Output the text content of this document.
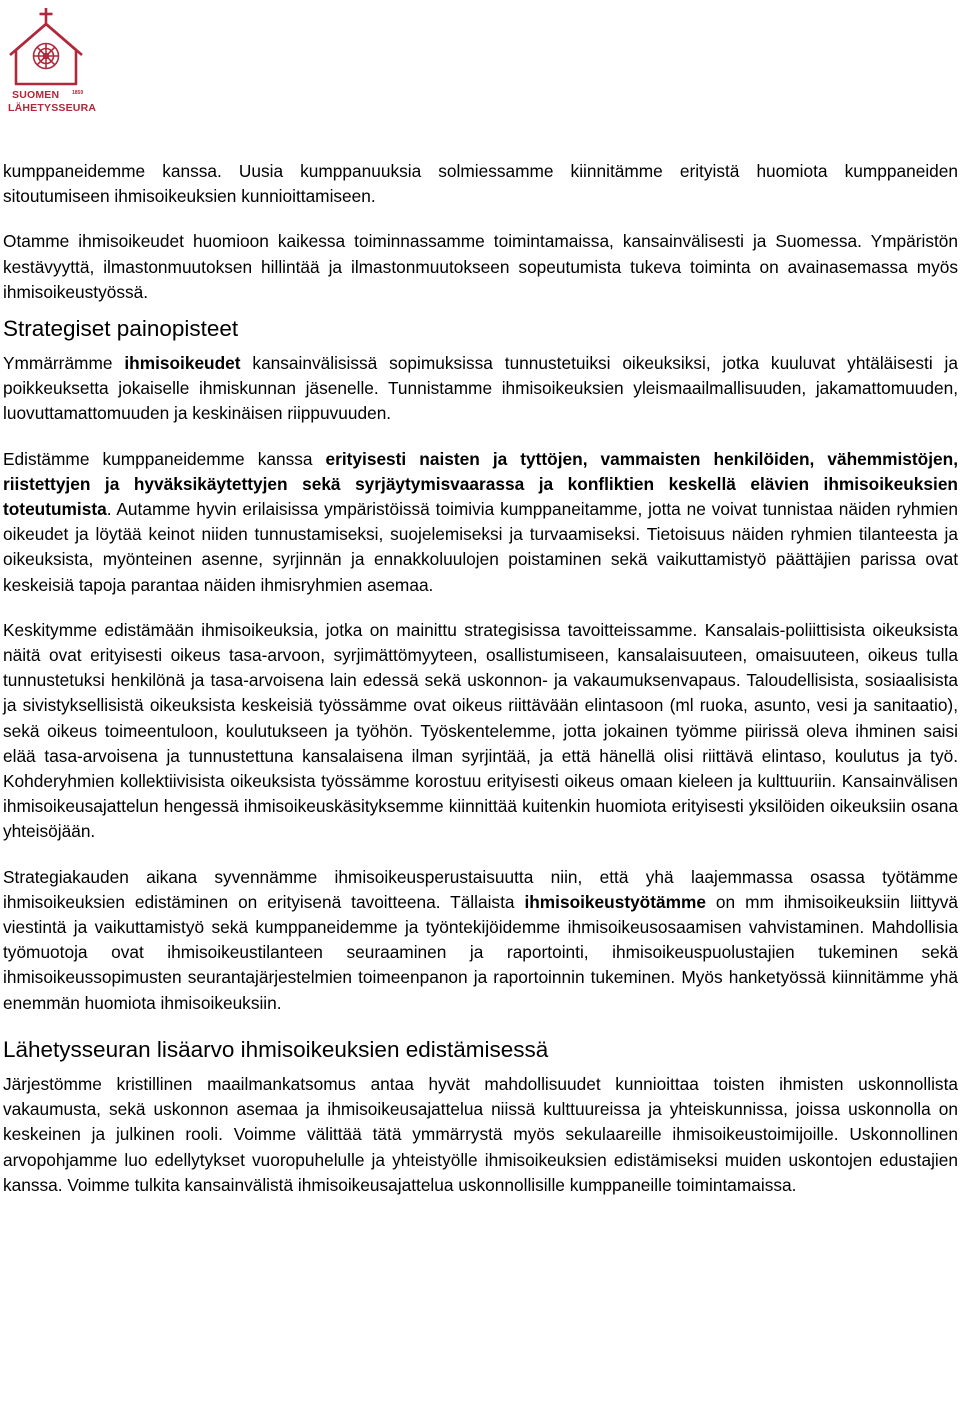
SUOMEN	1859
LÄHETYSSEURA

kumppaneidemme kanssa. Uusia kumppanuuksia solmiessamme kiinnitämme erityistä huomiota kumppaneiden sitoutumiseen ihmisoikeuksien kunnioittamiseen.

Otamme ihmisoikeudet huomioon kaikessa toiminnassamme toimintamaissa, kansainvälisesti ja Suomessa. Ympäristön kestävyyttä, ilmastonmuutoksen hillintää ja ilmastonmuutokseen sopeutumista tukeva toiminta on avainasemassa myös ihmisoikeustyössä.

Strategiset painopisteet

Ymmärrämme ihmisoikeudet kansainvälisissä sopimuksissa tunnustetuiksi oikeuksiksi, jotka kuuluvat yhtäläisesti ja poikkeuksetta jokaiselle ihmiskunnan jäsenelle. Tunnistamme ihmisoikeuksien yleismaailmallisuuden, jakamattomuuden, luovuttamattomuuden ja keskinäisen riippuvuuden.

Edistämme kumppaneidemme kanssa erityisesti naisten ja tyttöjen, vammaisten henkilöiden, vähemmistöjen, riistettyjen ja hyväksikäytettyjen sekä syrjäytymisvaarassa ja konfliktien keskellä elävien ihmisoikeuksien toteutumista. Autamme hyvin erilaisissa ympäristöissä toimivia kumppaneitamme, jotta ne voivat tunnistaa näiden ryhmien oikeudet ja löytää keinot niiden tunnustamiseksi, suojelemiseksi ja turvaamiseksi. Tietoisuus näiden ryhmien tilanteesta ja oikeuksista, myönteinen asenne, syrjinnän ja ennakkoluulojen poistaminen sekä vaikuttamistyö päättäjien parissa ovat keskeisiä tapoja parantaa näiden ihmisryhmien asemaa.

Keskitymme edistämään ihmisoikeuksia, jotka on mainittu strategisissa tavoitteissamme. Kansalais-poliittisista oikeuksista näitä ovat erityisesti oikeus tasa-arvoon, syrjimättömyyteen, osallistumiseen, kansalaisuuteen, omaisuuteen, oikeus tulla tunnustetuksi henkilönä ja tasa-arvoisena lain edessä sekä uskonnon- ja vakaumuksenvapaus. Taloudellisista, sosiaalisista ja sivistyksellisistä oikeuksista keskeisiä työssämme ovat oikeus riittävään elintasoon (ml ruoka, asunto, vesi ja sanitaatio), sekä oikeus toimeentuloon, koulutukseen ja työhön. Työskentelemme, jotta jokainen työmme piirissä oleva ihminen saisi elää tasa-arvoisena ja tunnustettuna kansalaisena ilman syrjintää, ja että hänellä olisi riittävä elintaso, koulutus ja työ. Kohderyhmien kollektiivisista oikeuksista työssämme korostuu erityisesti oikeus omaan kieleen ja kulttuuriin. Kansainvälisen ihmisoikeusajattelun hengessä ihmisoikeuskäsityksemme kiinnittää kuitenkin huomiota erityisesti yksilöiden oikeuksiin osana yhteisöjään.

Strategiakauden aikana syvennämme ihmisoikeusperustaisuutta niin, että yhä laajemmassa osassa työtämme ihmisoikeuksien edistäminen on erityisenä tavoitteena. Tällaista ihmisoikeustyötämme on mm ihmisoikeuksiin liittyvä viestintä ja vaikuttamistyö sekä kumppaneidemme ja työntekijöidemme ihmisoikeusosaamisen vahvistaminen. Mahdollisia työmuotoja ovat ihmisoikeustilanteen seuraaminen ja raportointi, ihmisoikeuspuolustajien tukeminen sekä ihmisoikeussopimusten seurantajärjestelmien toimeenpanon ja raportoinnin tukeminen. Myös hanketyössä kiinnitämme yhä enemmän huomiota ihmisoikeuksiin.

Lähetysseuran lisäarvo ihmisoikeuksien edistämisessä

Järjestömme kristillinen maailmankatsomus antaa hyvät mahdollisuudet kunnioittaa toisten ihmisten uskonnollista vakaumusta, sekä uskonnon asemaa ja ihmisoikeusajattelua niissä kulttuureissa ja yhteiskunnissa, joissa uskonnolla on keskeinen ja julkinen rooli. Voimme välittää tätä ymmärrystä myös sekulaareille ihmisoikeustoimijoille. Uskonnollinen arvopohjamme luo edellytykset vuoropuhelulle ja yhteistyölle ihmisoikeuksien edistämiseksi muiden uskontojen edustajien kanssa. Voimme tulkita kansainvälistä ihmisoikeusajattelua uskonnollisille kumppaneille toimintamaissa.
